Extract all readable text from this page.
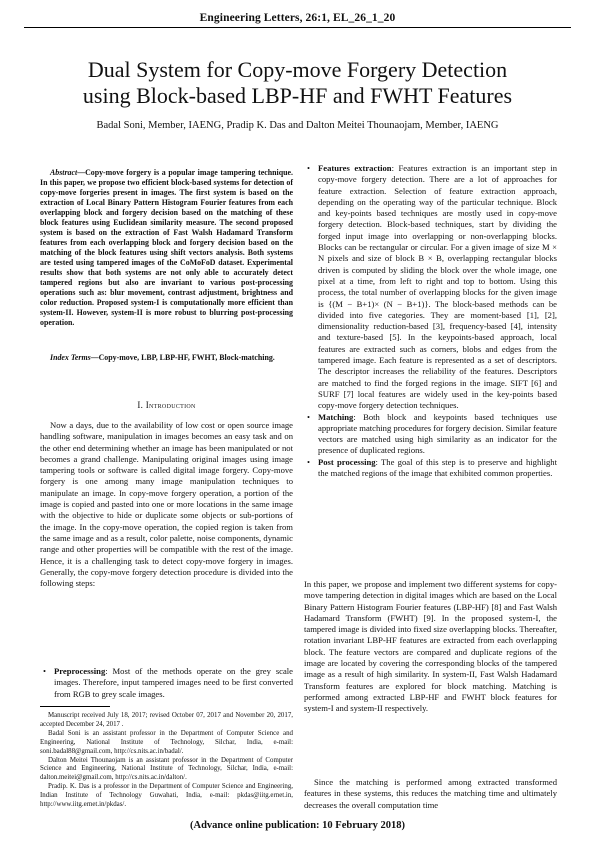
Engineering Letters, 26:1, EL_26_1_20
Dual System for Copy-move Forgery Detection
using Block-based LBP-HF and FWHT Features
Badal Soni, Member, IAENG, Pradip K. Das and Dalton Meitei Thounaojam, Member, IAENG
Abstract—Copy-move forgery is a popular image tampering technique. In this paper, we propose two efficient block-based systems for detection of copy-move forgeries present in images. The first system is based on the extraction of Local Binary Pattern Histogram Fourier features from each overlapping block and forgery decision based on the matching of these block features using Euclidean similarity measure. The second proposed system is based on the extraction of Fast Walsh Hadamard Transform features from each overlapping block and forgery decision based on the matching of the block features using shift vectors analysis. Both systems are tested using tampered images of the CoMoFoD dataset. Experimental results show that both systems are not only able to accurately detect tampered regions but also are invariant to various post-processing operations such as: blur movement, contrast adjustment, brightness and color reduction. Proposed system-I is computationally more efficient than system-II. However, system-II is more robust to blurring post-processing operation.
Index Terms—Copy-move, LBP, LBP-HF, FWHT, Block-matching.
I. Introduction
Now a days, due to the availability of low cost or open source image handling software, manipulation in images becomes an easy task and on the other end determining whether an image has been manipulated or not becomes a grand challenge. Manipulating original images using image tampering tools or software is called digital image forgery. Copy-move forgery is one among many image manipulation techniques to manipulate an image. In copy-move forgery operation, a portion of the image is copied and pasted into one or more locations in the same image with the objective to hide or duplicate some objects or sub-portions of the image. In the copy-move operation, the copied region is taken from the same image and as a result, color palette, noise components, dynamic range and other properties will be compatible with the rest of the image. Hence, it is a challenging task to detect copy-move forgery in images. Generally, the copy-move forgery detection procedure is divided into the following steps:
• Preprocessing: Most of the methods operate on the grey scale images. Therefore, input tampered images need to be first converted from RGB to grey scale images.

Manuscript received July 18, 2017; revised October 07, 2017 and November 20, 2017, accepted December 24, 2017 .

Badal Soni is an assistant professor in the Department of Computer Science and Engineering, National Institute of Technology, Silchar, India, e-mail: soni.badal88@gmail.com, http://cs.nits.ac.in/badal/.

Dalton Meitei Thounaojam is an assistant professor in the Department of Computer Science and Engineering, National Institute of Technology, Silchar, India, e-mail: dalton.meitei@gmail.com, http://cs.nits.ac.in/dalton/.

Pradip. K. Das is a professor in the Department of Computer Science and Engineering, Indian Institute of Technology Guwahati, India, e-mail: pkdas@iitg.ernet.in, http://www.iitg.ernet.in/pkdas/.

• Features extraction: Features extraction is an important step in copy-move forgery detection. There are a lot of approaches for feature extraction. Selection of feature extraction approach, depending on the operating way of the particular technique. Block and key-points based techniques are mostly used in copy-move forgery detection. Block-based techniques, start by dividing the forged input image into overlapping or non-overlapping blocks. Blocks can be rectangular or circular. For a given image of size M × N pixels and size of block B × B, overlapping rectangular blocks driven is computed by sliding the block over the whole image, one pixel at a time, from left to right and top to bottom. Using this process, the total number of overlapping blocks for the given image is {(M − B+1)× (N − B+1)}. The block-based methods can be divided into five categories. They are moment-based [1], [2], dimensionality reduction-based [3], frequency-based [4], intensity and texture-based [5]. In the keypoints-based approach, local features are extracted such as corners, blobs and edges from the tampered image. Each feature is represented as a set of descriptors. The descriptor increases the reliability of the features. Descriptors are matched to find the forged regions in the image. SIFT [6] and SURF [7] local features are widely used in the key-points based copy-move forgery detection techniques.
• Matching: Both block and keypoints based techniques use appropriate matching procedures for forgery decision. Similar feature vectors are matched using high similarity as an indicator for the presence of duplicated regions.
• Post processing: The goal of this step is to preserve and highlight the matched regions of the image that exhibited common properties.
In this paper, we propose and implement two different systems for copy-move tampering detection in digital images which are based on the Local Binary Pattern Histogram Fourier features (LBP-HF) [8] and Fast Walsh Hadamard Transform (FWHT) [9]. In the proposed system-I, the tampered image is divided into fixed size overlapping blocks. Thereafter, rotation invariant LBP-HF features are extracted from each overlapping block. The feature vectors are compared and duplicate regions of the image are located by covering the corresponding blocks of the tampered image as a result of high similarity. In system-II, Fast Walsh Hadamard Transform features are explored for block matching. Matching is performed among extracted LBP-HF and FWHT block features for system-I and system-II respectively.
Since the matching is performed among extracted transformed features in these systems, this reduces the matching time and ultimately decreases the overall computation time
(Advance online publication: 10 February 2018)
